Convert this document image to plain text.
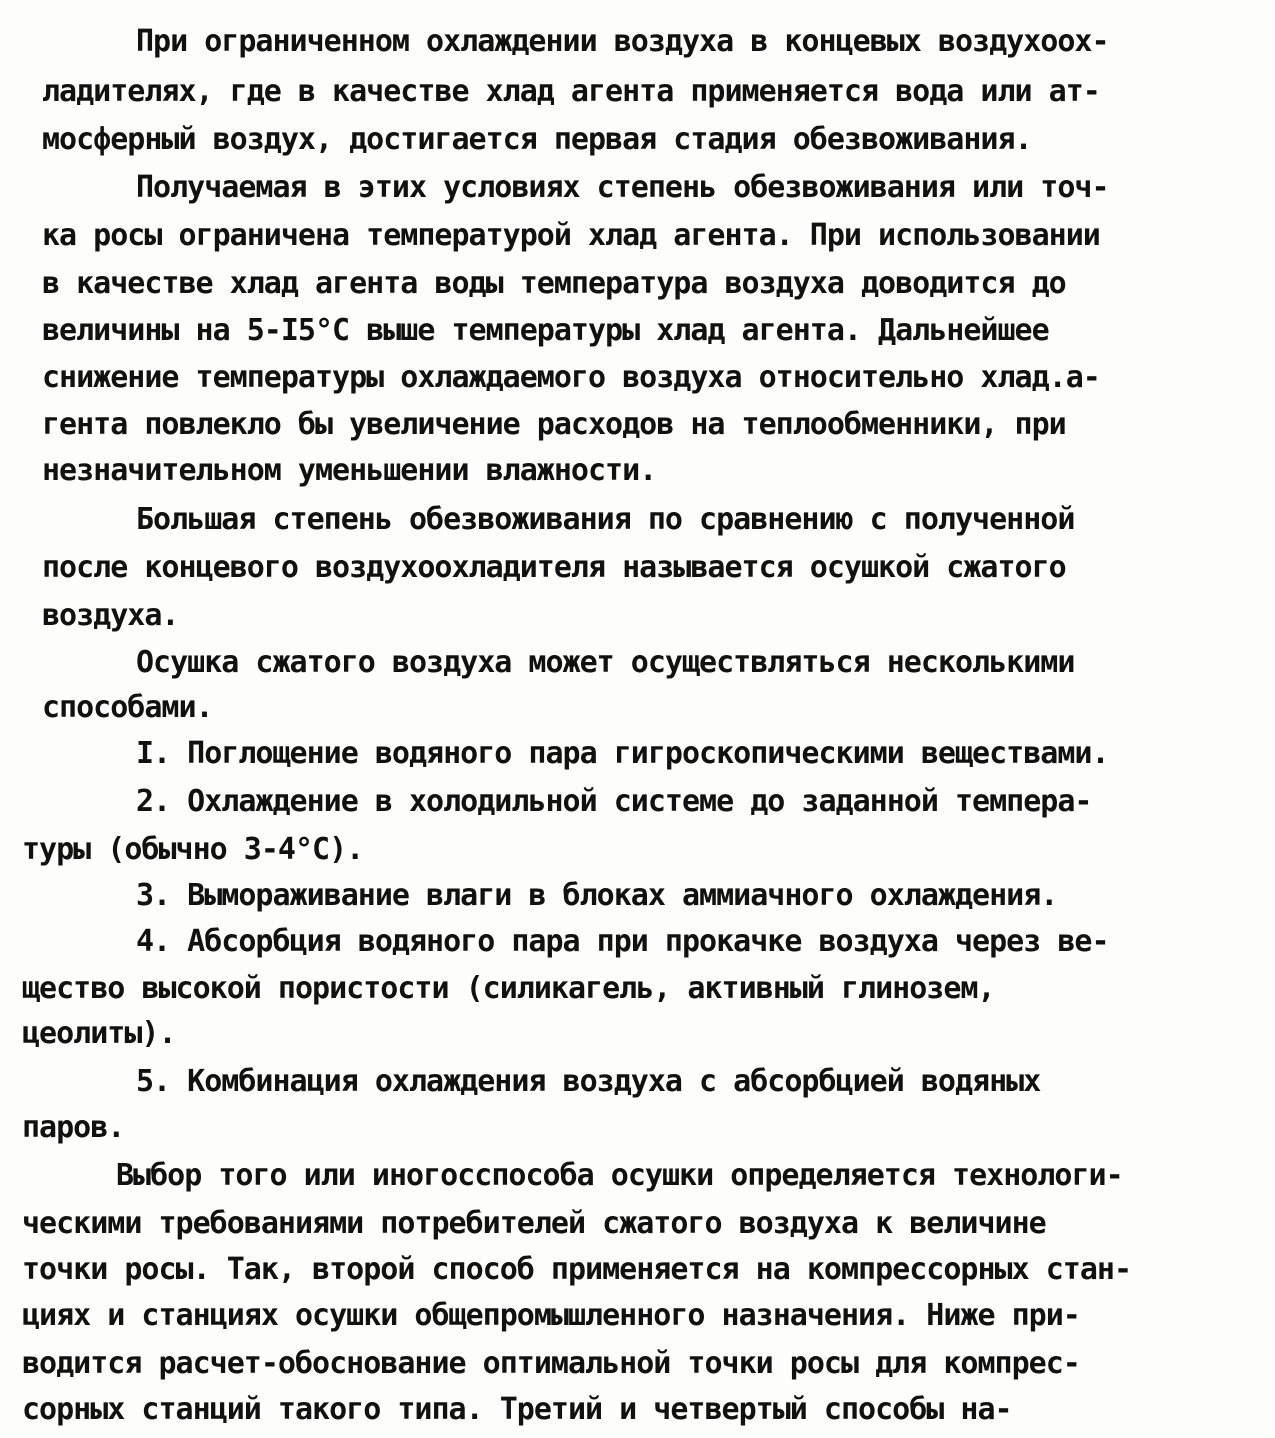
При ограниченном охлаждении воздуха в концевых воздухоох-
ладителях, где в качестве хлад агента применяется вода или ат-
мосферный воздух, достигается первая стадия обезвоживания.
Получаемая в этих условиях степень обезвоживания или точ-
ка росы ограничена температурой хлад агента. При использовании
в качестве хлад агента воды температура воздуха доводится до
величины на 5-I5°С выше температуры хлад агента. Дальнейшее
снижение температуры охлаждаемого воздуха относительно хлад.а-
гента повлекло бы увеличение расходов на теплообменники, при
незначительном уменьшении влажности.
Большая степень обезвоживания по сравнению с полученной
после концевого воздухоохладителя называется осушкой сжатого
воздуха.
Осушка сжатого воздуха может осуществляться несколькими
способами.
I. Поглощение водяного пара гигроскопическими веществами.
2. Охлаждение в холодильной системе до заданной темпера-
туры (обычно 3-4°С).
3. Вымораживание влаги в блоках аммиачного охлаждения.
4. Абсорбция водяного пара при прокачке воздуха через ве-
щество высокой пористости (силикагель, активный глинозем,
цеолиты).
5. Комбинация охлаждения воздуха с абсорбцией водяных
паров.
Выбор того или иногосспособа осушки определяется технологи-
ческими требованиями потребителей сжатого воздуха к величине
точки росы. Так, второй способ применяется на компрессорных стан-
циях и станциях осушки общепромышленного назначения. Ниже при-
водится расчет-обоснование оптимальной точки росы для компрес-
сорных станций такого типа. Третий и четвертый способы на-
